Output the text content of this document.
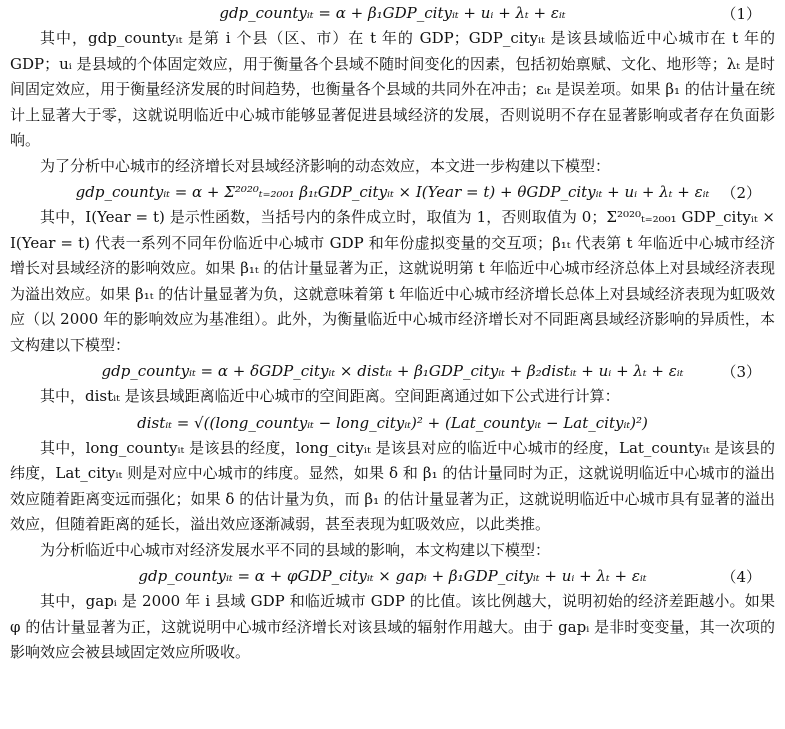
gdp_countyᵢₜ = α + β₁GDP_cityᵢₜ + uᵢ + λₜ + εᵢₜ	（ 1 ）

其中，gdp_countyᵢₜ 是第 i 个县（区、市）在 t 年的 GDP；GDP_cityᵢₜ 是该县域临近中心城市在 t 年的 GDP；uᵢ 是县域的个体固定效应，用于衡量各个县域不随时间变化的因素，包括初始禀赋、文化、地形等；λₜ 是时间固定效应，用于衡量经济发展的时间趋势，也衡量各个县域的共同外在冲击；εᵢₜ 是误差项。如果 β₁ 的估计量在统计上显著大于零，这就说明临近中心城市能够显著促进县域经济的发展，否则说明不存在显著影响或者存在负面影响。

为了分析中心城市的经济增长对县域经济影响的动态效应，本文进一步构建以下模型：

gdp_countyᵢₜ = α + Σ²⁰²⁰ₜ₌₂₀₀₁ β₁ₜGDP_cityᵢₜ × I(Year = t) + θGDP_cityᵢₜ + uᵢ + λₜ + εᵢₜ	（ 2 ）

其中，I(Year = t) 是示性函数，当括号内的条件成立时，取值为 1，否则取值为 0；Σ²⁰²⁰ₜ₌₂₀₀₁ GDP_cityᵢₜ × I(Year = t) 代表一系列不同年份临近中心城市 GDP 和年份虚拟变量的交互项；β₁ₜ 代表第 t 年临近中心城市经济增长对县域经济的影响效应。如果 β₁ₜ 的估计量显著为正，这就说明第 t 年临近中心城市经济总体上对县域经济表现为溢出效应。如果 β₁ₜ 的估计量显著为负，这就意味着第 t 年临近中心城市经济增长总体上对县域经济表现为虹吸效应（以 2000 年的影响效应为基准组）。此外，为衡量临近中心城市经济增长对不同距离县域经济影响的异质性，本文构建以下模型：

gdp_countyᵢₜ = α + δGDP_cityᵢₜ × distᵢₜ + β₁GDP_cityᵢₜ + β₂distᵢₜ + uᵢ + λₜ + εᵢₜ	（ 3 ）

其中，distᵢₜ 是该县域距离临近中心城市的空间距离。空间距离通过如下公式进行计算：

distᵢₜ = √((long_countyᵢₜ − long_cityᵢₜ)² + (Lat_countyᵢₜ − Lat_cityᵢₜ)²)

其中，long_countyᵢₜ 是该县的经度，long_cityᵢₜ 是该县对应的临近中心城市的经度，Lat_countyᵢₜ 是该县的纬度，Lat_cityᵢₜ 则是对应中心城市的纬度。显然，如果 δ 和 β₁ 的估计量同时为正，这就说明临近中心城市的溢出效应随着距离变远而强化；如果 δ 的估计量为负，而 β₁ 的估计量显著为正，这就说明临近中心城市具有显著的溢出效应，但随着距离的延长，溢出效应逐渐减弱，甚至表现为虹吸效应，以此类推。

为分析临近中心城市对经济发展水平不同的县域的影响，本文构建以下模型：

gdp_countyᵢₜ = α + φGDP_cityᵢₜ × gapᵢ + β₁GDP_cityᵢₜ + uᵢ + λₜ + εᵢₜ	（ 4 ）

其中，gapᵢ 是 2000 年 i 县域 GDP 和临近城市 GDP 的比值。该比例越大，说明初始的经济差距越小。如果 φ 的估计量显著为正，这就说明中心城市经济增长对该县域的辐射作用越大。由于 gapᵢ 是非时变变量，其一次项的影响效应会被县域固定效应所吸收。
